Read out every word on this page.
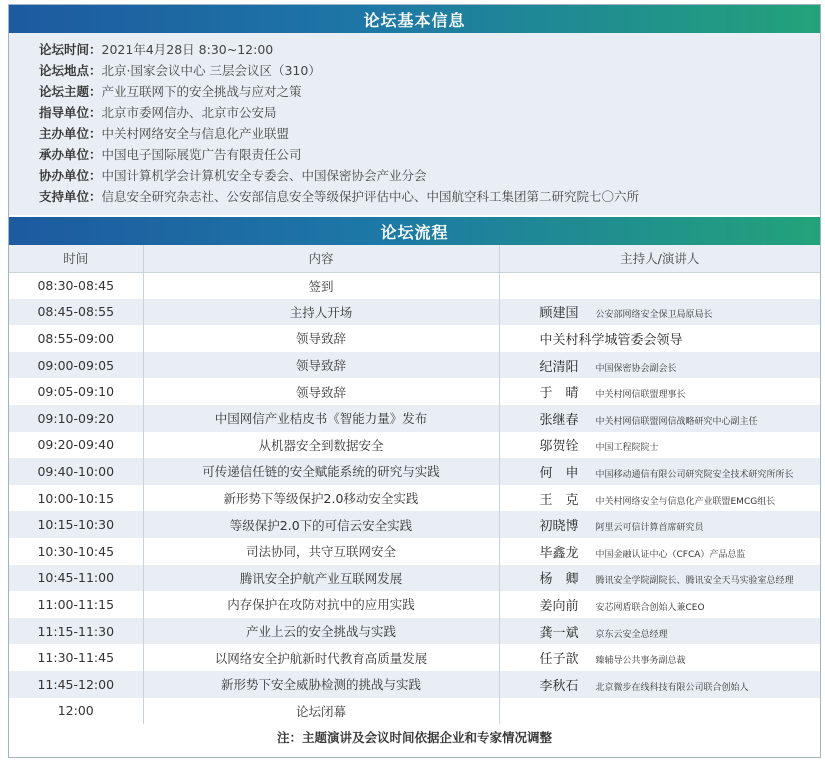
论坛基本信息
论坛时间： 2021年4月28日 8:30~12:00
论坛地点： 北京·国家会议中心 三层会议区（310）
论坛主题： 产业互联网下的安全挑战与应对之策
指导单位： 北京市委网信办、北京市公安局
主办单位： 中关村网络安全与信息化产业联盟
承办单位： 中国电子国际展览广告有限责任公司
协办单位： 中国计算机学会计算机安全专委会、中国保密协会产业分会
支持单位： 信息安全研究杂志社、公安部信息安全等级保护评估中心、中国航空科工集团第二研究院七〇六所
论坛流程
时间	内容	主持人/演讲人
08:30-08:45	签到	
08:45-08:55	主持人开场	顾建国 公安部网络安全保卫局原局长
08:55-09:00	领导致辞	中关村科学城管委会领导
09:00-09:05	领导致辞	纪清阳 中国保密协会副会长
09:05-09:10	领导致辞	于　晴 中关村网信联盟理事长
09:10-09:20	中国网信产业桔皮书《智能力量》发布	张继春 中关村网信联盟网信战略研究中心副主任
09:20-09:40	从机器安全到数据安全	邬贺铨 中国工程院院士
09:40-10:00	可传递信任链的安全赋能系统的研究与实践	何　申 中国移动通信有限公司研究院安全技术研究所所长
10:00-10:15	新形势下等级保护2.0移动安全实践	王　克 中关村网络安全与信息化产业联盟EMCG组长
10:15-10:30	等级保护2.0下的可信云安全实践	初晓博 阿里云可信计算首席研究员
10:30-10:45	司法协同，共守互联网安全	毕鑫龙 中国金融认证中心（CFCA）产品总监
10:45-11:00	腾讯安全护航产业互联网发展	杨　卿 腾讯安全学院副院长、腾讯安全天马实验室总经理
11:00-11:15	内存保护在攻防对抗中的应用实践	姜向前 安芯网盾联合创始人兼CEO
11:15-11:30	产业上云的安全挑战与实践	龚一斌 京东云安全总经理
11:30-11:45	以网络安全护航新时代教育高质量发展	任子歆 臻辅导公共事务副总裁
11:45-12:00	新形势下安全威胁检测的挑战与实践	李秋石 北京微步在线科技有限公司联合创始人
12:00	论坛闭幕	
注：主题演讲及会议时间依据企业和专家情况调整
